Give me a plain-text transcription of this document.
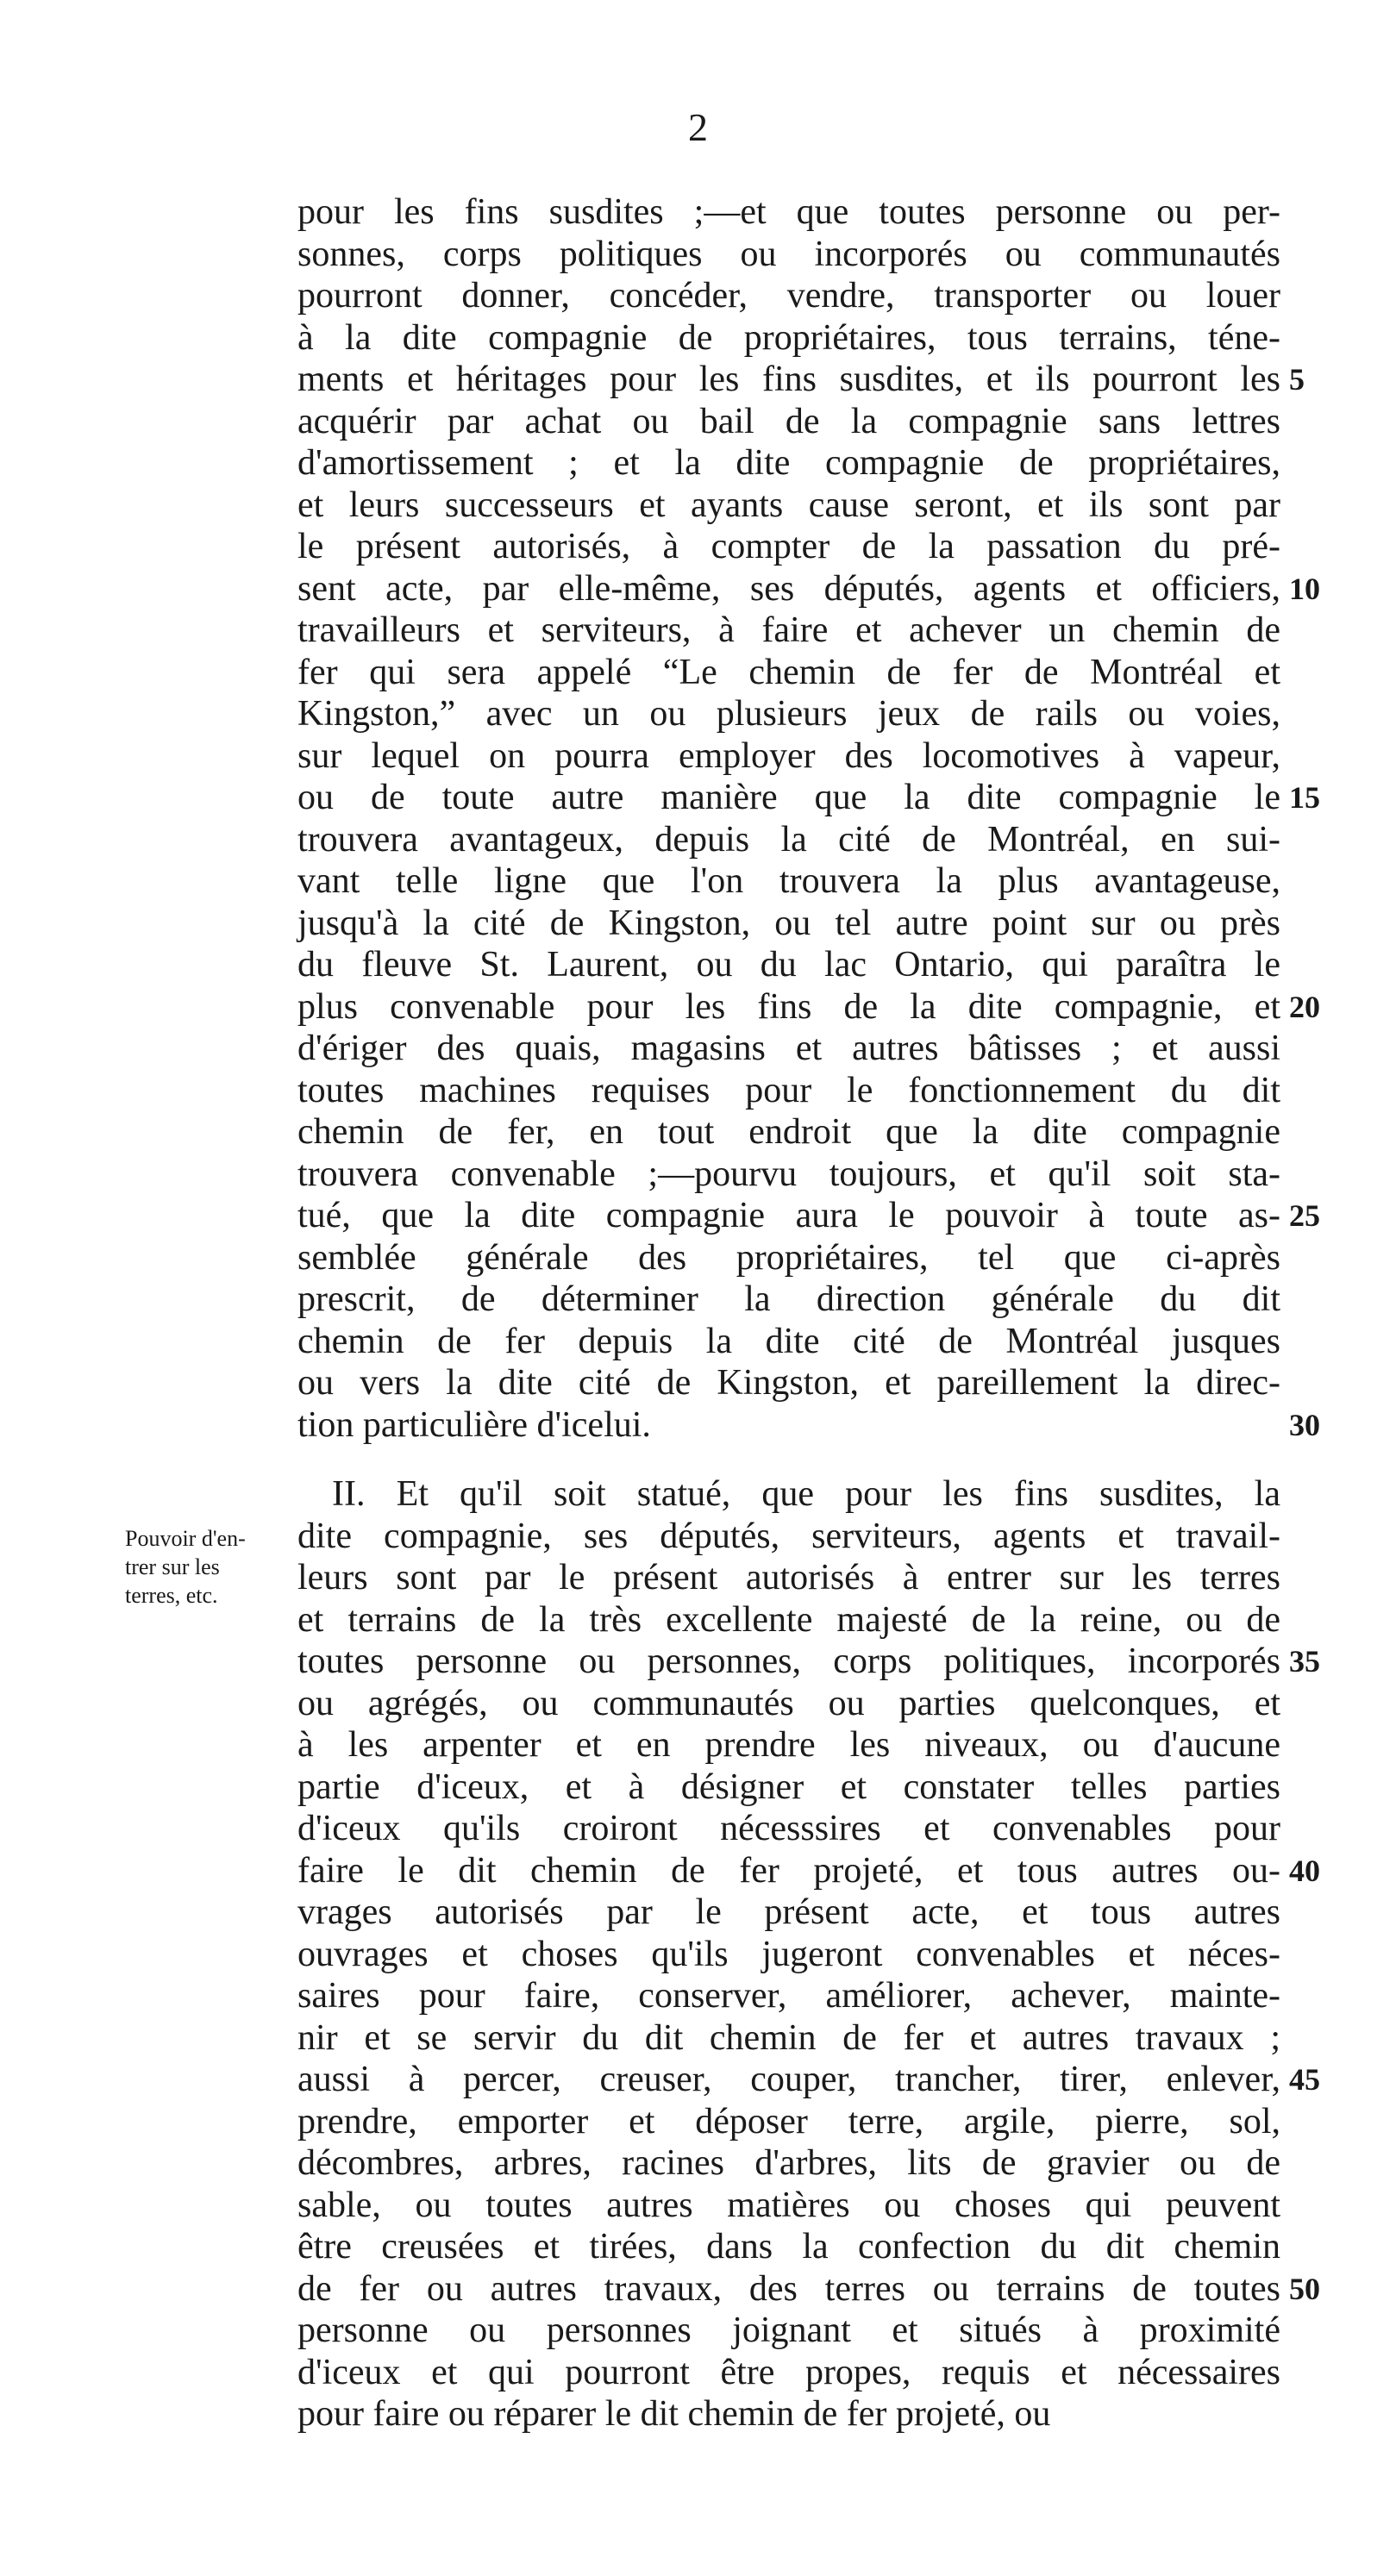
2
Pouvoir d'en-
trer sur les
terres, etc.
pour les fins susdites ;—et que toutes personne ou per-
sonnes, corps politiques ou incorporés ou communautés
pourront donner, concéder, vendre, transporter ou louer
à la dite compagnie de propriétaires, tous terrains, téne-
ments et héritages pour les fins susdites, et ils pourront les 5
acquérir par achat ou bail de la compagnie sans lettres
d'amortissement ; et la dite compagnie de propriétaires,
et leurs successeurs et ayants cause seront, et ils sont par
le présent autorisés, à compter de la passation du pré-
sent acte, par elle-même, ses députés, agents et officiers, 10
travailleurs et serviteurs, à faire et achever un chemin de
fer qui sera appelé “Le chemin de fer de Montréal et
Kingston,” avec un ou plusieurs jeux de rails ou voies,
sur lequel on pourra employer des locomotives à vapeur,
ou de toute autre manière que la dite compagnie le 15
trouvera avantageux, depuis la cité de Montréal, en sui-
vant telle ligne que l'on trouvera la plus avantageuse,
jusqu'à la cité de Kingston, ou tel autre point sur ou près
du fleuve St. Laurent, ou du lac Ontario, qui paraîtra le
plus convenable pour les fins de la dite compagnie, et 20
d'ériger des quais, magasins et autres bâtisses ; et aussi
toutes machines requises pour le fonctionnement du dit
chemin de fer, en tout endroit que la dite compagnie
trouvera convenable ;—pourvu toujours, et qu'il soit sta-
tué, que la dite compagnie aura le pouvoir à toute as- 25
semblée générale des propriétaires, tel que ci-après
prescrit, de déterminer la direction générale du dit
chemin de fer depuis la dite cité de Montréal jusques
ou vers la dite cité de Kingston, et pareillement la direc-
tion particulière d'icelui.	30
II. Et qu'il soit statué, que pour les fins susdites, la
dite compagnie, ses députés, serviteurs, agents et travail-
leurs sont par le présent autorisés à entrer sur les terres
et terrains de la très excellente majesté de la reine, ou de
toutes personne ou personnes, corps politiques, incorporés 35
ou agrégés, ou communautés ou parties quelconques, et
à les arpenter et en prendre les niveaux, ou d'aucune
partie d'iceux, et à désigner et constater telles parties
d'iceux qu'ils croiront nécesssires et convenables pour
faire le dit chemin de fer projeté, et tous autres ou- 40
vrages autorisés par le présent acte, et tous autres
ouvrages et choses qu'ils jugeront convenables et néces-
saires pour faire, conserver, améliorer, achever, mainte-
nir et se servir du dit chemin de fer et autres travaux ;
aussi à percer, creuser, couper, trancher, tirer, enlever, 45
prendre, emporter et déposer terre, argile, pierre, sol,
décombres, arbres, racines d'arbres, lits de gravier ou de
sable, ou toutes autres matières ou choses qui peuvent
être creusées et tirées, dans la confection du dit chemin
de fer ou autres travaux, des terres ou terrains de toutes 50
personne ou personnes joignant et situés à proximité
d'iceux et qui pourront être propes, requis et nécessaires
pour faire ou réparer le dit chemin de fer projeté, ou
